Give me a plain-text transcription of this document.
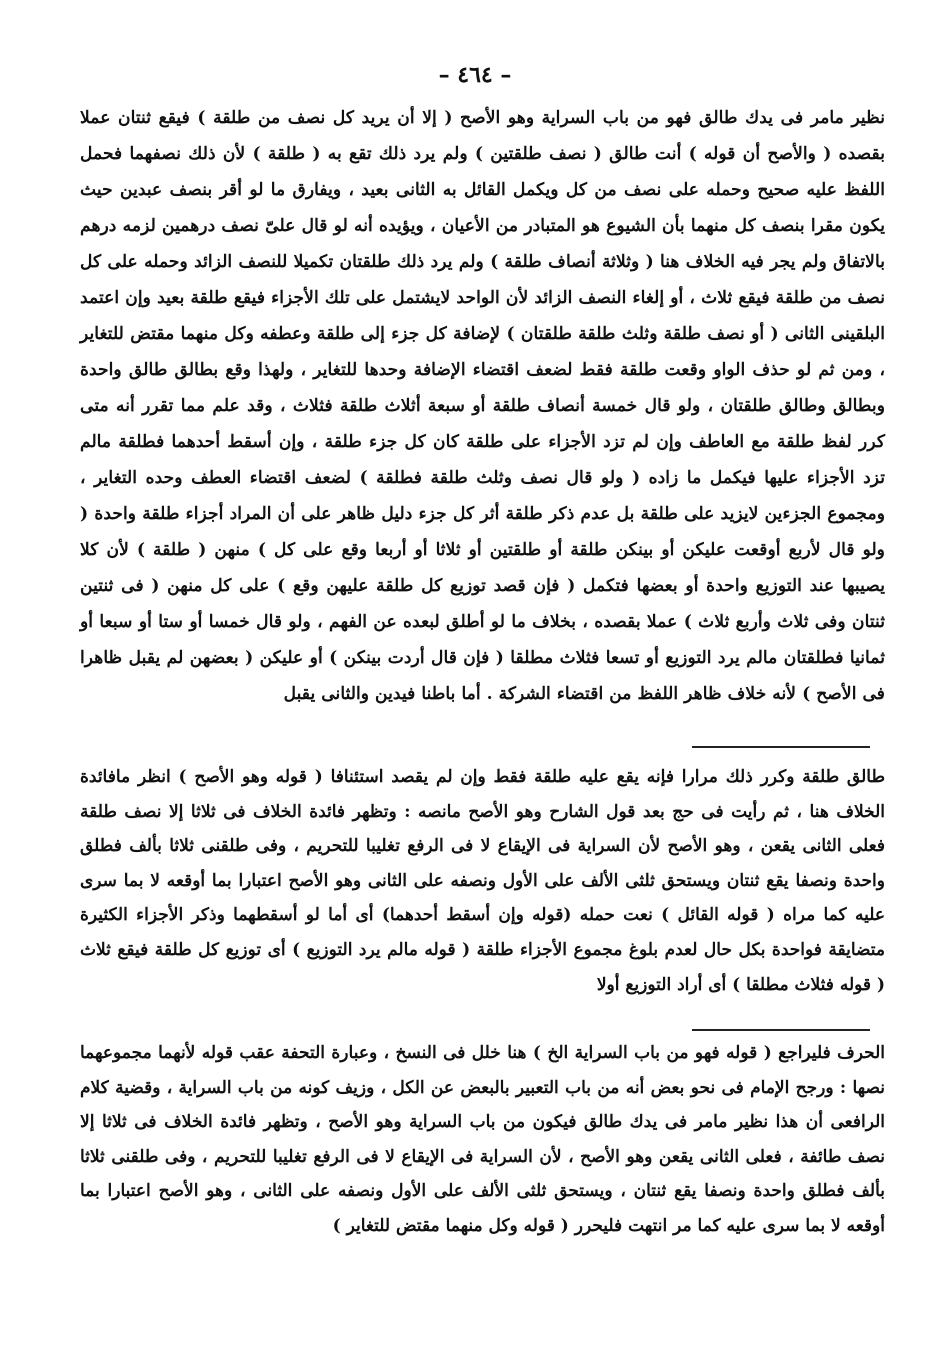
– ٤٦٤ –

نظير مامر فى يدك طالق فهو من باب السراية وهو الأصح ( إلا أن يريد كل نصف من طلقة ) فيقع ثنتان عملا بقصده ( والأصح أن قوله ) أنت طالق ( نصف طلقتين ) ولم يرد ذلك تقع به ( طلقة ) لأن ذلك نصفهما فحمل اللفظ عليه صحيح وحمله على نصف من كل ويكمل القائل به الثانى بعيد ، ويفارق ما لو أقر بنصف عبدين حيث يكون مقرا بنصف كل منهما بأن الشيوع هو المتبادر من الأعيان ، ويؤيده أنه لو قال علىّ نصف درهمين لزمه درهم بالاتفاق ولم يجر فيه الخلاف هنا ( وثلاثة أنصاف طلقة ) ولم يرد ذلك طلقتان تكميلا للنصف الزائد وحمله على كل نصف من طلقة فيقع ثلاث ، أو إلغاء النصف الزائد لأن الواحد لايشتمل على تلك الأجزاء فيقع طلقة بعيد وإن اعتمد البلقينى الثانى ( أو نصف طلقة وثلث طلقة طلقتان ) لإضافة كل جزء إلى طلقة وعطفه وكل منهما مقتض للتغاير ، ومن ثم لو حذف الواو وقعت طلقة فقط لضعف اقتضاء الإضافة وحدها للتغاير ، ولهذا وقع بطالق طالق واحدة وبطالق وطالق طلقتان ، ولو قال خمسة أنصاف طلقة أو سبعة أثلاث طلقة فثلاث ، وقد علم مما تقرر أنه متى كرر لفظ طلقة مع العاطف وإن لم تزد الأجزاء على طلقة كان كل جزء طلقة ، وإن أسقط أحدهما فطلقة مالم تزد الأجزاء عليها فيكمل ما زاده ( ولو قال نصف وثلث طلقة فطلقة ) لضعف اقتضاء العطف وحده التغاير ، ومجموع الجزءين لايزيد على طلقة بل عدم ذكر طلقة أثر كل جزء دليل ظاهر على أن المراد أجزاء طلقة واحدة ( ولو قال لأربع أوقعت عليكن أو بينكن طلقة أو طلقتين أو ثلاثا أو أربعا وقع على كل ) منهن ( طلقة ) لأن كلا يصيبها عند التوزيع واحدة أو بعضها فتكمل ( فإن قصد توزيع كل طلقة عليهن وقع ) على كل منهن ( فى ثنتين ثنتان وفى ثلاث وأربع ثلاث ) عملا بقصده ، بخلاف ما لو أطلق لبعده عن الفهم ، ولو قال خمسا أو ستا أو سبعا أو ثمانيا فطلقتان مالم يرد التوزيع أو تسعا فثلاث مطلقا ( فإن قال أردت بينكن ) أو عليكن ( بعضهن لم يقبل ظاهرا فى الأصح ) لأنه خلاف ظاهر اللفظ من اقتضاء الشركة . أما باطنا فيدين والثانى يقبل

طالق طلقة وكرر ذلك مرارا فإنه يقع عليه طلقة فقط وإن لم يقصد استئنافا ( قوله وهو الأصح ) انظر مافائدة الخلاف هنا ، ثم رأيت فى حج بعد قول الشارح وهو الأصح مانصه : وتظهر فائدة الخلاف فى ثلاثا إلا نصف طلقة فعلى الثانى يقعن ، وهو الأصح لأن السراية فى الإيقاع لا فى الرفع تغليبا للتحريم ، وفى طلقنى ثلاثا بألف فطلق واحدة ونصفا يقع ثنتان ويستحق ثلثى الألف على الأول ونصفه على الثانى وهو الأصح اعتبارا بما أوقعه لا بما سرى عليه كما مراه ( قوله القائل ) نعت حمله (قوله وإن أسقط أحدهما) أى أما لو أسقطهما وذكر الأجزاء الكثيرة متضايقة فواحدة بكل حال لعدم بلوغ مجموع الأجزاء طلقة ( قوله مالم يرد التوزيع ) أى توزيع كل طلقة فيقع ثلاث ( قوله فثلاث مطلقا ) أى أراد التوزيع أولا

الحرف فليراجع ( قوله فهو من باب السراية الخ ) هنا خلل فى النسخ ، وعبارة التحفة عقب قوله لأنهما مجموعهما نصها : ورجح الإمام فى نحو بعض أنه من باب التعبير بالبعض عن الكل ، وزيف كونه من باب السراية ، وقضية كلام الرافعى أن هذا نظير مامر فى يدك طالق فيكون من باب السراية وهو الأصح ، وتظهر فائدة الخلاف فى ثلاثا إلا نصف طائفة ، فعلى الثانى يقعن وهو الأصح ، لأن السراية فى الإيقاع لا فى الرفع تغليبا للتحريم ، وفى طلقنى ثلاثا بألف فطلق واحدة ونصفا يقع ثنتان ، ويستحق ثلثى الألف على الأول ونصفه على الثانى ، وهو الأصح اعتبارا بما أوقعه لا بما سرى عليه كما مر انتهت فليحرر ( قوله وكل منهما مقتض للتغاير )
